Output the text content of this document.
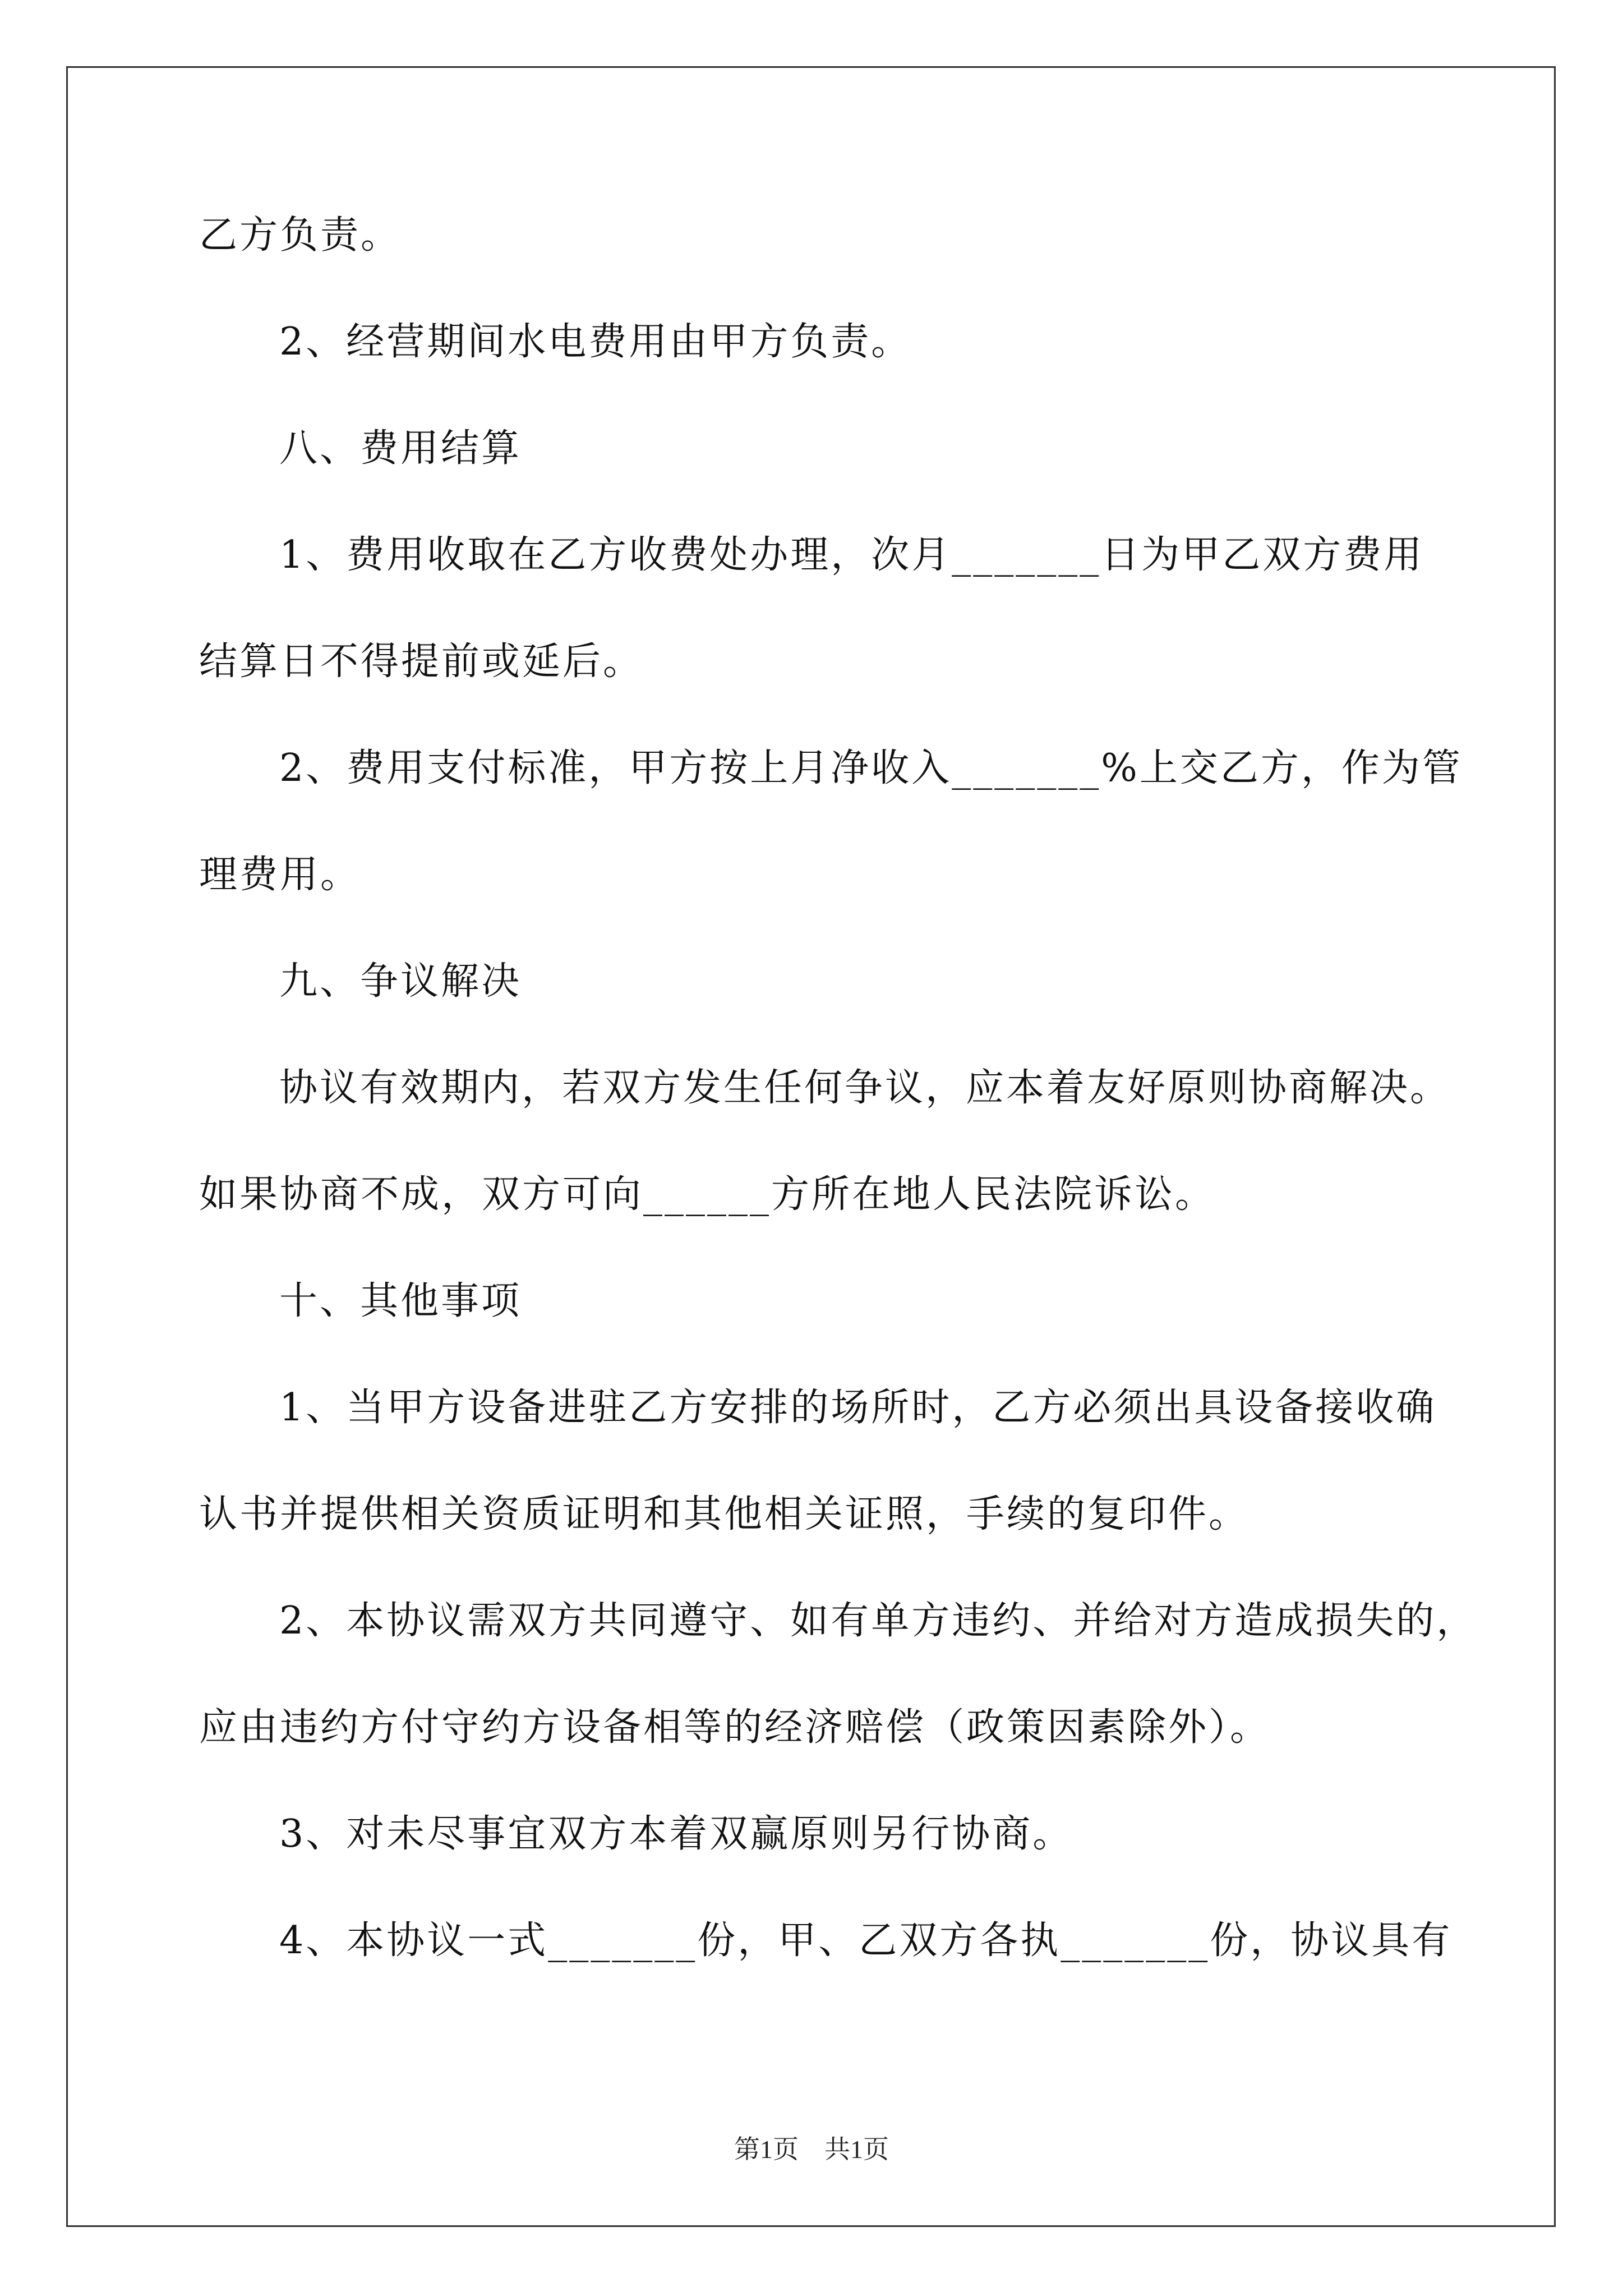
乙方负责。
2、经营期间水电费用由甲方负责。
八、费用结算
1、费用收取在乙方收费处办理，次月_______日为甲乙双方费用
结算日不得提前或延后。
2、费用支付标准，甲方按上月净收入_______%上交乙方，作为管
理费用。
九、争议解决
协议有效期内，若双方发生任何争议，应本着友好原则协商解决。
如果协商不成，双方可向______方所在地人民法院诉讼。
十、其他事项
1、当甲方设备进驻乙方安排的场所时，乙方必须出具设备接收确
认书并提供相关资质证明和其他相关证照，手续的复印件。
2、本协议需双方共同遵守、如有单方违约、并给对方造成损失的，
应由违约方付守约方设备相等的经济赔偿（政策因素除外）。
3、对未尽事宜双方本着双赢原则另行协商。
4、本协议一式_______份，甲、乙双方各执_______份，协议具有
第1页　共1页
